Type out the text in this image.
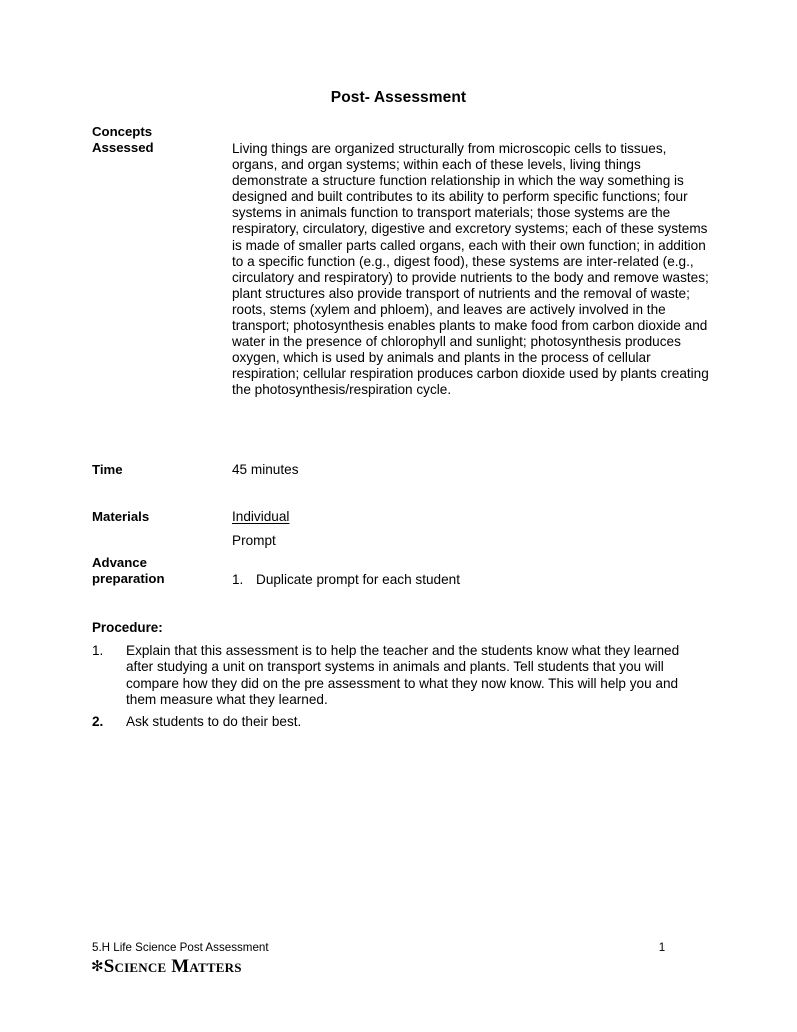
Post- Assessment
Concepts
Assessed	Living things are organized structurally from microscopic cells to tissues, organs, and organ systems; within each of these levels, living things demonstrate a structure function relationship in which the way something is designed and built contributes to its ability to perform specific functions; four systems in animals function to transport materials; those systems are the respiratory, circulatory, digestive and excretory systems; each of these systems is made of smaller parts called organs, each with their own function; in addition to a specific function (e.g., digest food), these systems are inter-related (e.g., circulatory and respiratory) to provide nutrients to the body and remove wastes; plant structures also provide transport of nutrients and the removal of waste; roots, stems (xylem and phloem), and leaves are actively involved in the transport; photosynthesis enables plants to make food from carbon dioxide and water in the presence of chlorophyll and sunlight; photosynthesis produces oxygen, which is used by animals and plants in the process of cellular respiration; cellular respiration produces carbon dioxide used by plants creating the photosynthesis/respiration cycle.
Time	45 minutes
Materials	Individual
Prompt
Advance
preparation	1. Duplicate prompt for each student
Procedure:
1.	Explain that this assessment is to help the teacher and the students know what they learned after studying a unit on transport systems in animals and plants. Tell students that you will compare how they did on the pre assessment to what they now know. This will help you and them measure what they learned.
2.	Ask students to do their best.
5.H Life Science Post Assessment	1
✻Science Matters
